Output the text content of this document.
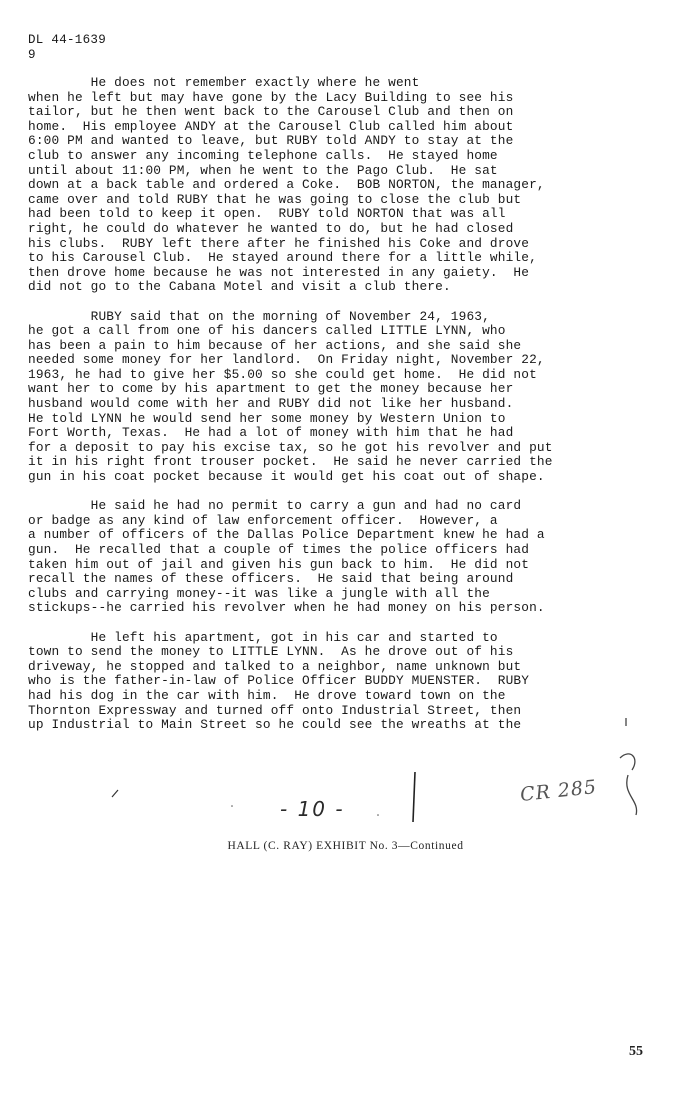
DL 44-1639
9
He does not remember exactly where he went
when he left but may have gone by the Lacy Building to see his
tailor, but he then went back to the Carousel Club and then on
home.  His employee ANDY at the Carousel Club called him about
6:00 PM and wanted to leave, but RUBY told ANDY to stay at the
club to answer any incoming telephone calls.  He stayed home
until about 11:00 PM, when he went to the Pago Club.  He sat
down at a back table and ordered a Coke.  BOB NORTON, the manager,
came over and told RUBY that he was going to close the club but
had been told to keep it open.  RUBY told NORTON that was all
right, he could do whatever he wanted to do, but he had closed
his clubs.  RUBY left there after he finished his Coke and drove
to his Carousel Club.  He stayed around there for a little while,
then drove home because he was not interested in any gaiety.  He
did not go to the Cabana Motel and visit a club there.
RUBY said that on the morning of November 24, 1963,
he got a call from one of his dancers called LITTLE LYNN, who
has been a pain to him because of her actions, and she said she
needed some money for her landlord.  On Friday night, November 22,
1963, he had to give her $5.00 so she could get home.  He did not
want her to come by his apartment to get the money because her
husband would come with her and RUBY did not like her husband.
He told LYNN he would send her some money by Western Union to
Fort Worth, Texas.  He had a lot of money with him that he had
for a deposit to pay his excise tax, so he got his revolver and put
it in his right front trouser pocket.  He said he never carried the
gun in his coat pocket because it would get his coat out of shape.
He said he had no permit to carry a gun and had no card
or badge as any kind of law enforcement officer.  However, a
a number of officers of the Dallas Police Department knew he had a
gun.  He recalled that a couple of times the police officers had
taken him out of jail and given his gun back to him.  He did not
recall the names of these officers.  He said that being around
clubs and carrying money--it was like a jungle with all the
stickups--he carried his revolver when he had money on his person.
He left his apartment, got in his car and started to
town to send the money to LITTLE LYNN.  As he drove out of his
driveway, he stopped and talked to a neighbor, name unknown but
who is the father-in-law of Police Officer BUDDY MUENSTER.  RUBY
had his dog in the car with him.  He drove toward town on the
Thornton Expressway and turned off onto Industrial Street, then
up Industrial to Main Street so he could see the wreaths at the
- 10 -
CR 285
HALL (C. RAY) EXHIBIT No. 3—Continued
55
